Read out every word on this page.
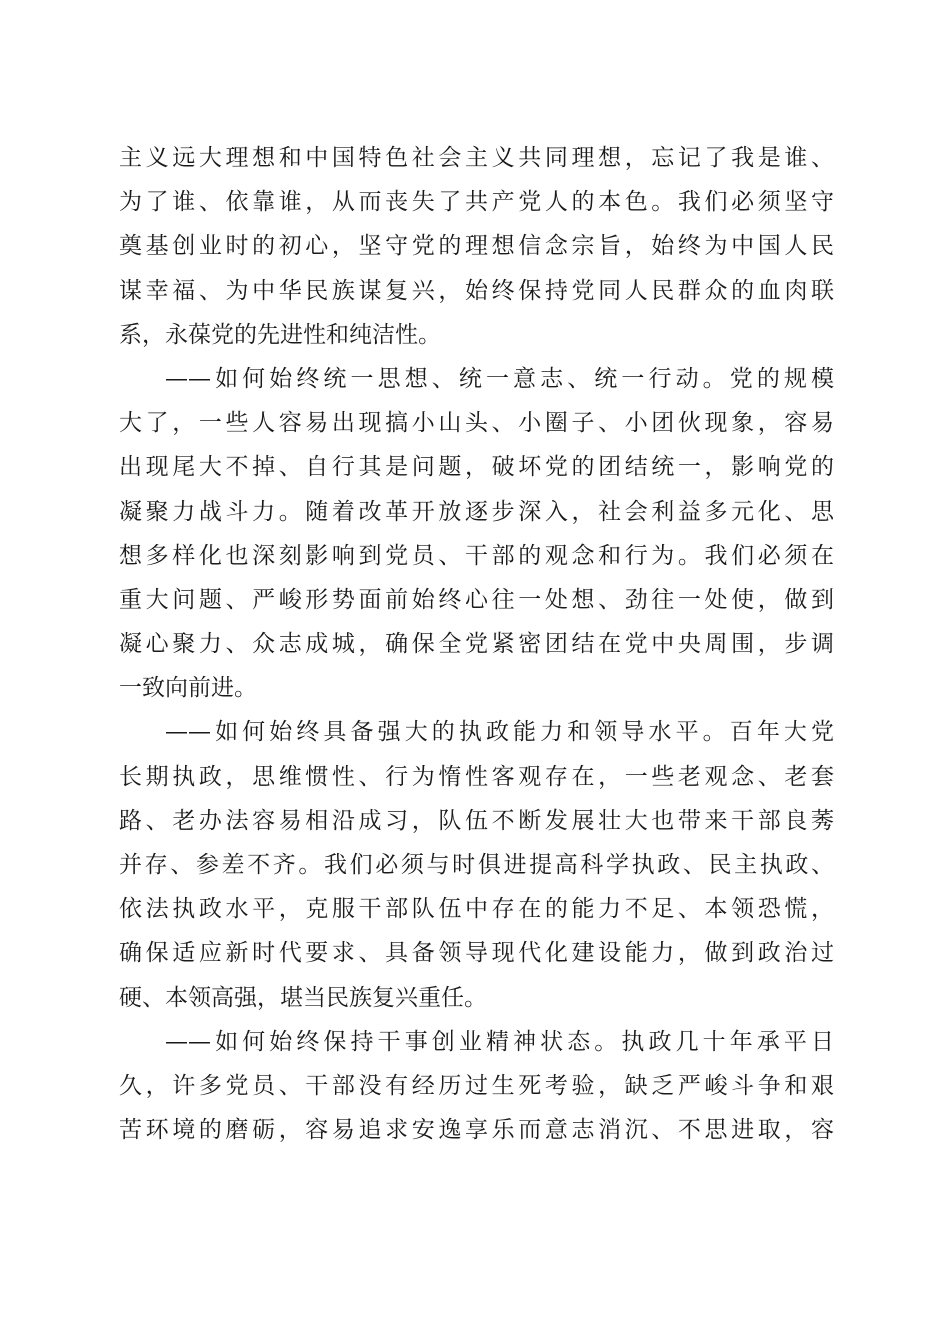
主义远大理想和中国特色社会主义共同理想，忘记了我是谁、
为了谁、依靠谁，从而丧失了共产党人的本色。我们必须坚守
奠基创业时的初心，坚守党的理想信念宗旨，始终为中国人民
谋幸福、为中华民族谋复兴，始终保持党同人民群众的血肉联
系，永葆党的先进性和纯洁性。
——如何始终统一思想、统一意志、统一行动。党的规模
大了，一些人容易出现搞小山头、小圈子、小团伙现象，容易
出现尾大不掉、自行其是问题，破坏党的团结统一，影响党的
凝聚力战斗力。随着改革开放逐步深入，社会利益多元化、思
想多样化也深刻影响到党员、干部的观念和行为。我们必须在
重大问题、严峻形势面前始终心往一处想、劲往一处使，做到
凝心聚力、众志成城，确保全党紧密团结在党中央周围，步调
一致向前进。
——如何始终具备强大的执政能力和领导水平。百年大党
长期执政，思维惯性、行为惰性客观存在，一些老观念、老套
路、老办法容易相沿成习，队伍不断发展壮大也带来干部良莠
并存、参差不齐。我们必须与时俱进提高科学执政、民主执政、
依法执政水平，克服干部队伍中存在的能力不足、本领恐慌，
确保适应新时代要求、具备领导现代化建设能力，做到政治过
硬、本领高强，堪当民族复兴重任。
——如何始终保持干事创业精神状态。执政几十年承平日
久，许多党员、干部没有经历过生死考验，缺乏严峻斗争和艰
苦环境的磨砺，容易追求安逸享乐而意志消沉、不思进取，容
